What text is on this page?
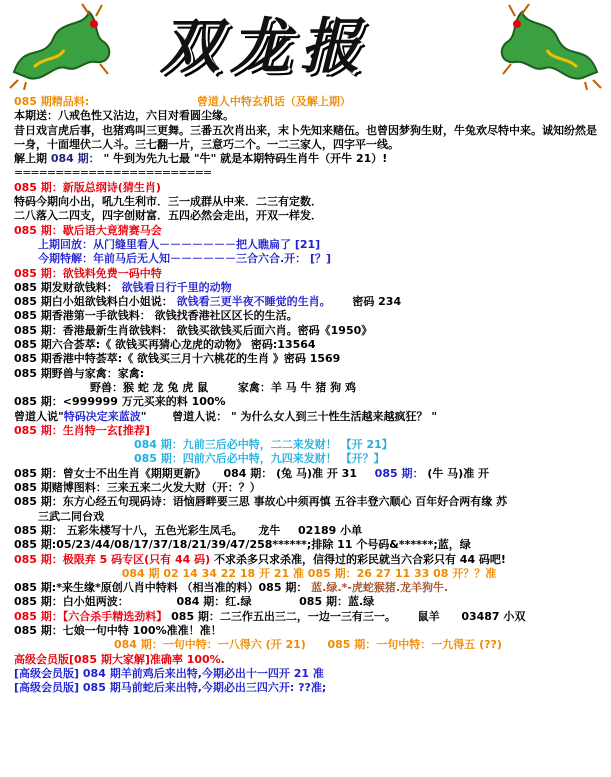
双龙报
085 期精品料:	曾道人中特玄机话（及解上期）
本期送：八戒色性又沾边，六目对看圆尘缘。
昔日戏言虎后事，也猪鸡叫三更舞。三番五次肖出来，末卜先知来赌伍。也曾因梦狗生财，牛兔欢尽特中来。诚知纷然是一身，十面埋伏二人斗。三七翻一片，三意巧二个。一二三家人，四字平一线。
解上期 084 期： " 牛到为先九七最 "牛" 就是本期特码生肖牛（开牛 21）!
========================
085 期：新版总纲诗(猜生肖)
特码今期向小出，吼九生利市．三一成群从中来．二三有定数．
二八落入二四支，四字创财富．五四必然会走出，开双一样发．
085 期：歇后语大竟猜赛马会
上期回放：从门缝里看人－－－－－－－把人瞧扁了 [21]
今期特解：年前马后无人知－－－－－－三合六合.开： [？]
085 期：欲钱料免费一码中特
085 期发财欲钱料： 欲钱看日行千里的动物
085 期白小姐欲钱料白小姐说： 欲钱看三更半夜不睡觉的生肖。 密码 234
085 期香港第一手欲钱料： 欲钱找香港社区区长的生活。
085 期：香港最新生肖欲钱料： 欲钱买欲钱买后面六肖。密码《1950》
085 期六合荟萃:《 欲钱买再猜心龙虎的动物》 密码:13564
085 期香港中特荟萃:《 欲钱买三月十六桃花的生肖 》密码 1569
085 期野兽与家禽：家禽:
野兽：猴 蛇 龙 兔 虎 鼠	家禽：羊 马 牛 猪 狗 鸡
085 期：<999999 万元买来的料 100%
曾道人说"特码决定来蓝波" 曾道人说： " 为什么女人到三十性生活越来越疯狂？ "
085 期：生肖特一玄[推荐]
084 期：九前三后必中特，二二来发财！ 【开 21】
085 期：四前六后必中特，九四来发财！ 【开？】
085 期：曾女士不出生肖《期期更新》 084 期： (兔 马)准 开 31 085 期： (牛 马)准 开
085 期赌博图料：三来五来二火发大财（开：？）
085 期：东方心经五句现码诗：语恼唇畔要三思 事故心中须再慎 五谷丰登六顺心 百年好合两有缘 苏
三武二同台戏
085 期： 五彩朱楼写十八，五色光彩生凤毛。 龙牛 02189 小单
085 期:05/23/44/08/17/37/18/21/39/47/258******;排除 11 个号码&******;蓝，绿
085 期：极限弃 5 码专区(只有 44 码) 不求杀多只求杀准，信得过的彩民就当六合彩只有 44 码吧!
084 期 02 14 34 22 18 开 21 准 085 期：26 27 11 33 08 开？？准
085 期:*来生缘*原创八肖中特料 （相当准的料）085 期： 蓝.绿.*-虎蛇猴猪.龙羊狗牛.
085 期：白小姐两波：	084 期：红.绿	085 期：蓝.绿
085 期：【六合杀手精选劲料】 085 期：二三作五出三二，一边一三有三一。 鼠羊 03487 小双
085 期：七娘一句中特 100%准准！准！
084 期：一句中特：一八得六 (开 21) 085 期：一句中特：一九得五 (??)
高级会员版[085 期大家解]准确率 100%.
[高级会员版] 084 期羊前鸡后来出特,今期必出十一四开 21 准
[高级会员版] 085 期马前蛇后来出特,今期必出三四六开: ??准;
